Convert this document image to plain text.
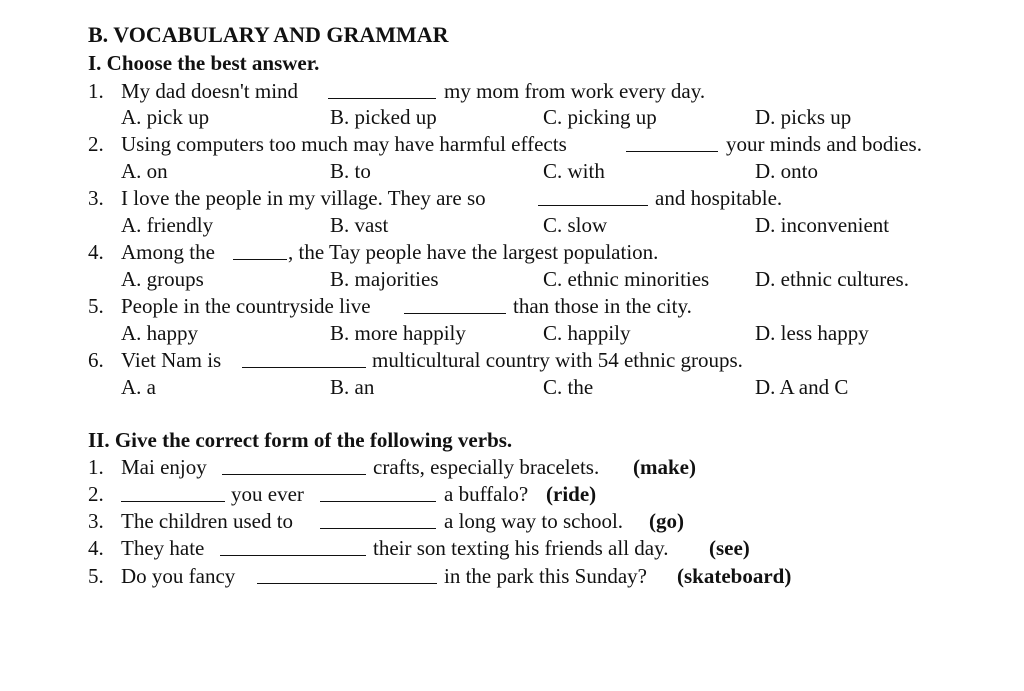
B. VOCABULARY AND GRAMMAR
I. Choose the best answer.
1. My dad doesn't mind	my mom from work every day.
A. pick up	B. picked up	C. picking up	D. picks up
2. Using computers too much may have harmful effects	your minds and bodies.
A. on	B. to	C. with	D. onto
3. I love the people in my village. They are so	and hospitable.
A. friendly	B. vast	C. slow	D. inconvenient
4. Among the	, the Tay people have the largest population.
A. groups	B. majorities	C. ethnic minorities D. ethnic cultures.
5. People in the countryside live	than those in the city.
A. happy	B. more happily	C. happily	D. less happy
6. Viet Nam is	multicultural country with 54 ethnic groups.
A. a	B. an	C. the	D. A and C
II. Give the correct form of the following verbs.
1. Mai enjoy	crafts, especially bracelets. (make)
2.	you ever	a buffalo? (ride)
3. The children used to	a long way to school. (go)
4. They hate	their son texting his friends all day. (see)
5. Do you fancy	in the park this Sunday? (skateboard)
